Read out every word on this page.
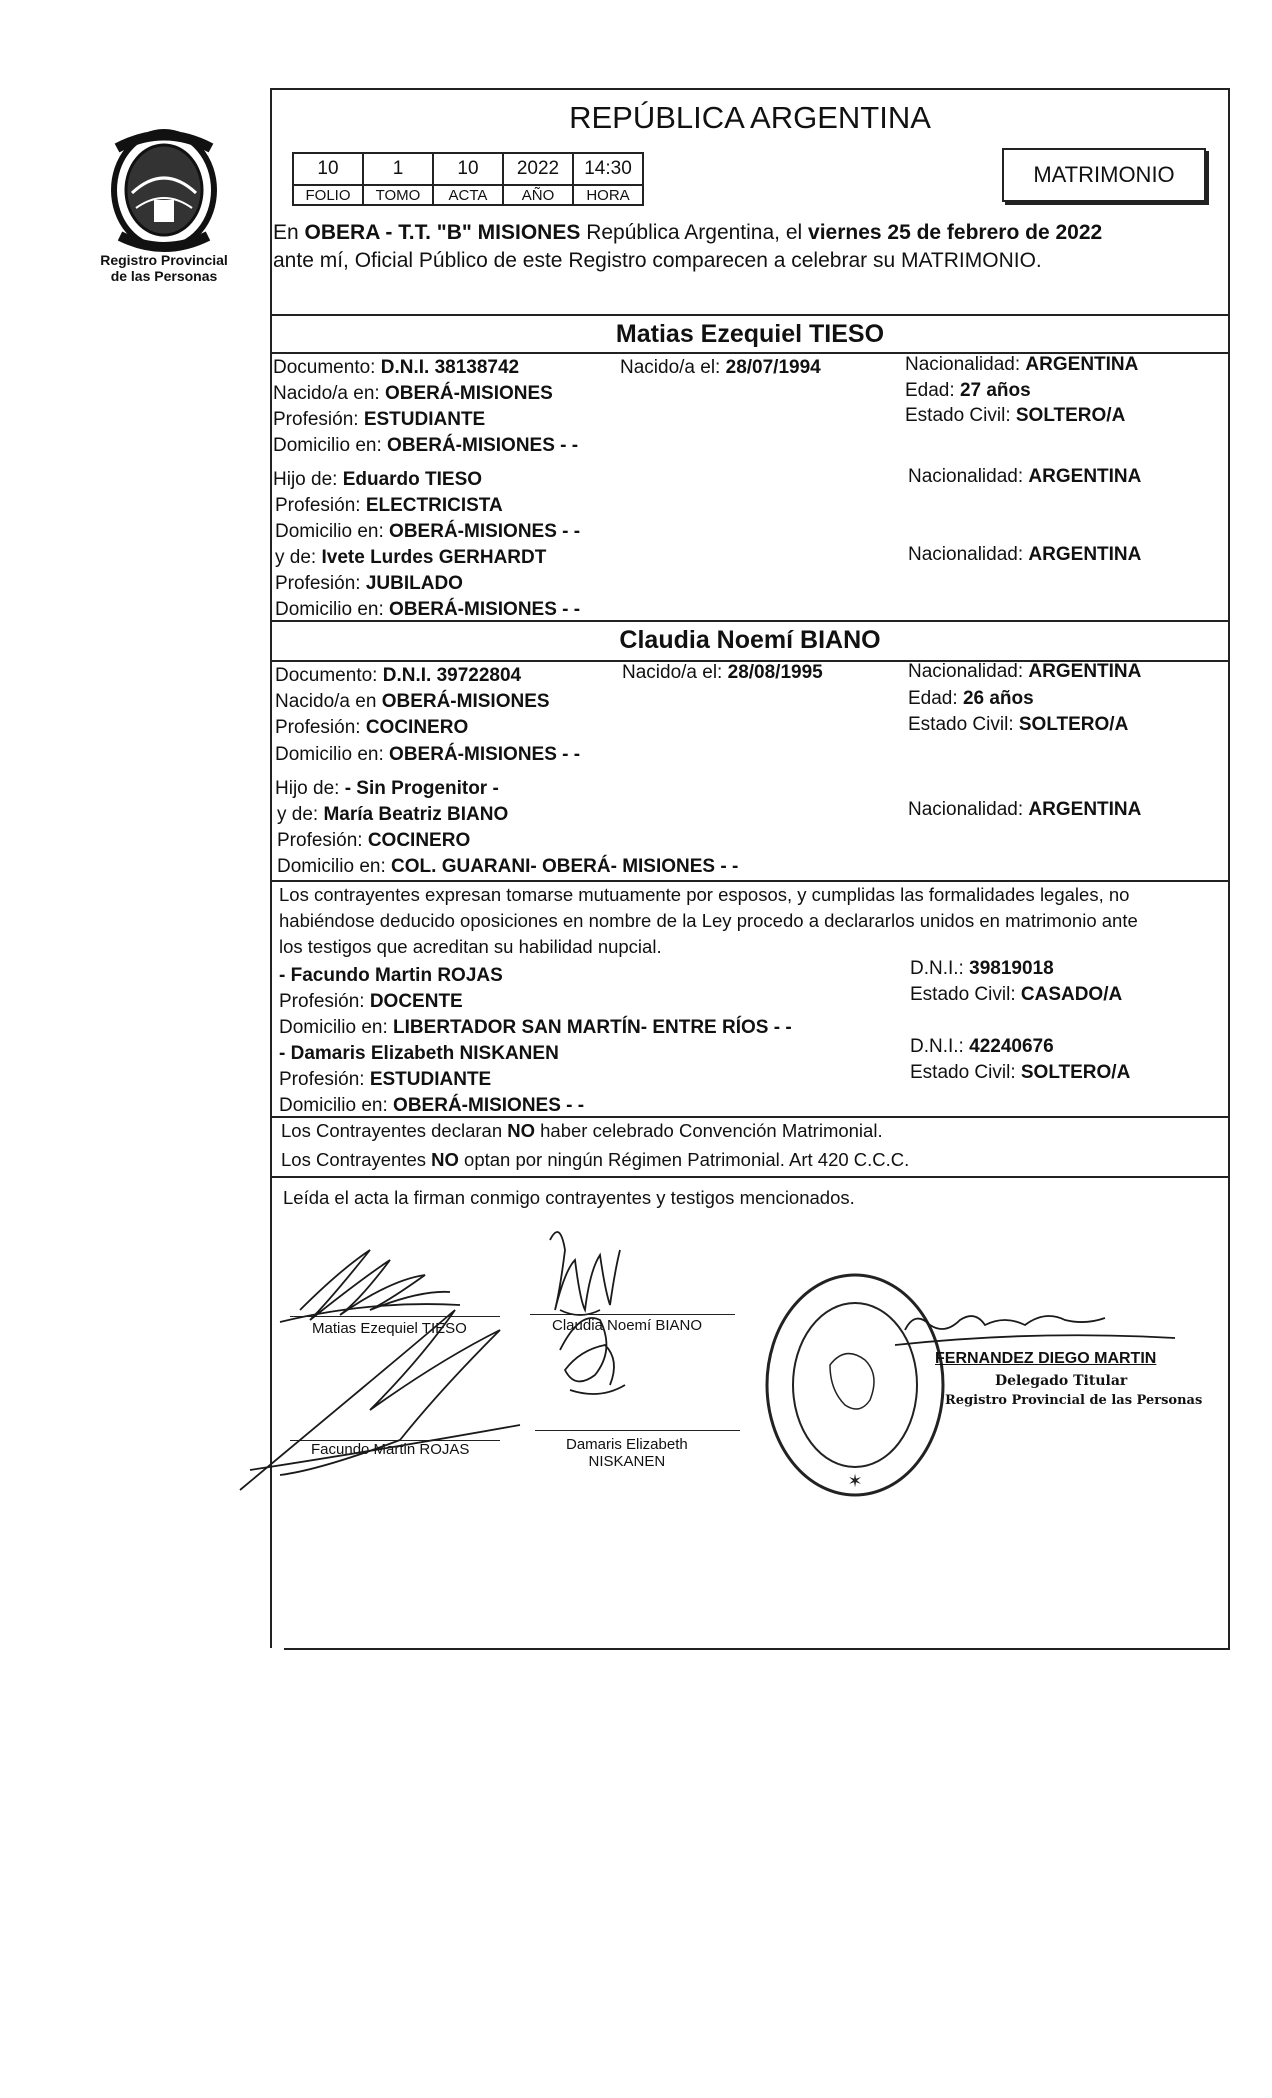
Registro Provincial
de las Personas
REPÚBLICA ARGENTINA
10	1	10	2022	14:30
FOLIO	TOMO	ACTA	AÑO	HORA
MATRIMONIO
En OBERA - T.T. "B" MISIONES República Argentina, el viernes 25 de febrero de 2022
ante mí, Oficial Público de este Registro comparecen a celebrar su MATRIMONIO.
Matias Ezequiel TIESO
Documento: D.N.I. 38138742	Nacido/a el: 28/07/1994	Nacionalidad: ARGENTINA
Nacido/a en: OBERÁ-MISIONES	Edad: 27 años
Profesión: ESTUDIANTE	Estado Civil: SOLTERO/A
Domicilio en: OBERÁ-MISIONES - -
Hijo de: Eduardo TIESO	Nacionalidad: ARGENTINA
Profesión: ELECTRICISTA
Domicilio en: OBERÁ-MISIONES - -
y de: Ivete Lurdes GERHARDT	Nacionalidad: ARGENTINA
Profesión: JUBILADO
Domicilio en: OBERÁ-MISIONES - -
Claudia Noemí BIANO
Documento: D.N.I. 39722804	Nacido/a el: 28/08/1995	Nacionalidad: ARGENTINA
Nacido/a en OBERÁ-MISIONES	Edad: 26 años
Profesión: COCINERO	Estado Civil: SOLTERO/A
Domicilio en: OBERÁ-MISIONES - -
Hijo de: - Sin Progenitor -
y de: María Beatriz BIANO	Nacionalidad: ARGENTINA
Profesión: COCINERO
Domicilio en: COL. GUARANI- OBERÁ- MISIONES - -
Los contrayentes expresan tomarse mutuamente por esposos, y cumplidas las formalidades legales, no
habiéndose deducido oposiciones en nombre de la Ley procedo a declararlos unidos en matrimonio ante
los testigos que acreditan su habilidad nupcial.
- Facundo Martin ROJAS	D.N.I.: 39819018
Profesión: DOCENTE	Estado Civil: CASADO/A
Domicilio en: LIBERTADOR SAN MARTÍN- ENTRE RÍOS - -
- Damaris Elizabeth NISKANEN	D.N.I.: 42240676
Profesión: ESTUDIANTE	Estado Civil: SOLTERO/A
Domicilio en: OBERÁ-MISIONES - -
Los Contrayentes declaran NO haber celebrado Convención Matrimonial.
Los Contrayentes NO optan por ningún Régimen Patrimonial. Art 420 C.C.C.
Leída el acta la firman conmigo contrayentes y testigos mencionados.
Matias Ezequiel TIESO	Claudia Noemí BIANO
Facundo Martin ROJAS	Damaris Elizabeth
NISKANEN
✶
FERNANDEZ DIEGO MARTIN
Delegado Titular
Registro Provincial de las Personas
